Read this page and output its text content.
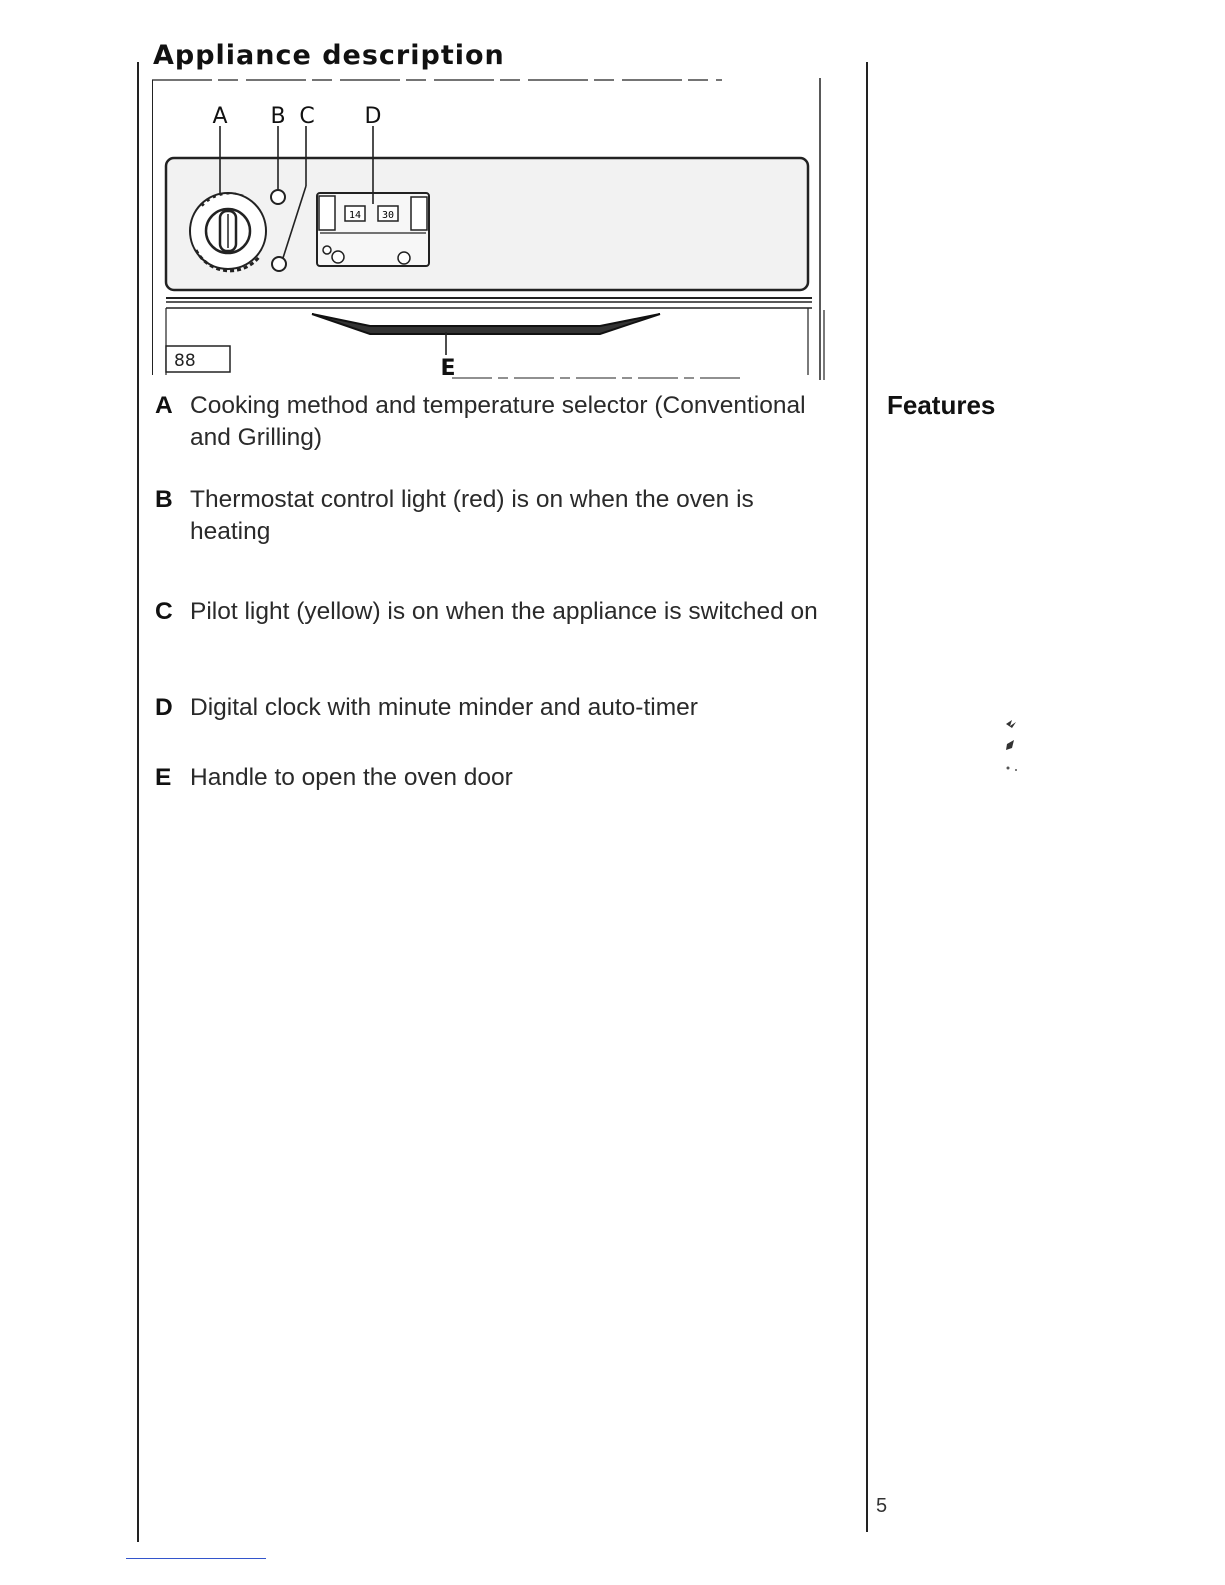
Appliance description
14 30
88
A B C D
E
A Cooking method and temperature selector (Conventional and Grilling)
B Thermostat control light (red) is on when the oven is heating
C Pilot light (yellow) is on when the appliance is switched on
D Digital clock with minute minder and auto-timer
E Handle to open the oven door
Features
5
